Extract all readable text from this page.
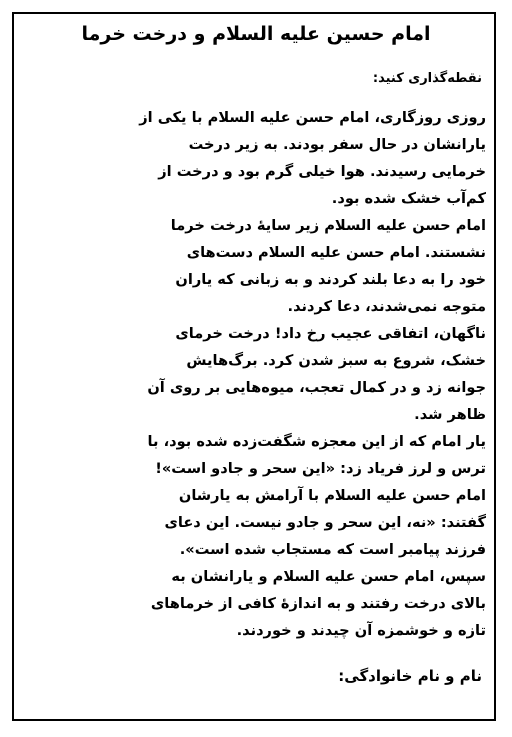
امام حسین علیه السلام و درخت خرما

نقطه‌گذاری کنید:

روزی روزگاری، امام حسن علیه السلام با یکی از
یارانشان در حال سفر بودند. به زیر درخت
خرمایی رسیدند. هوا خیلی گرم بود و درخت از
کم‌آب خشک شده بود.
امام حسن علیه السلام زیر سایهٔ درخت خرما
نشستند. امام حسن علیه السلام دست‌های
خود را به دعا بلند کردند و به زبانی که یاران
متوجه نمی‌شدند، دعا کردند.
ناگهان، اتفاقی عجیب رخ داد! درخت خرمای
خشک، شروع به سبز شدن کرد. برگ‌هایش
جوانه زد و در کمال تعجب، میوه‌هایی بر روی آن
ظاهر شد.
یار امام که از این معجزه شگفت‌زده شده بود، با
ترس و لرز فریاد زد: «این سحر و جادو است»!
امام حسن علیه السلام با آرامش به یارشان
گفتند: «نه، این سحر و جادو نیست. این دعای
فرزند پیامبر است که مستجاب شده است».
سپس، امام حسن علیه السلام و یارانشان به
بالای درخت رفتند و به اندازهٔ کافی از خرماهای
تازه و خوشمزه آن چیدند و خوردند.

نام و نام خانوادگی:
